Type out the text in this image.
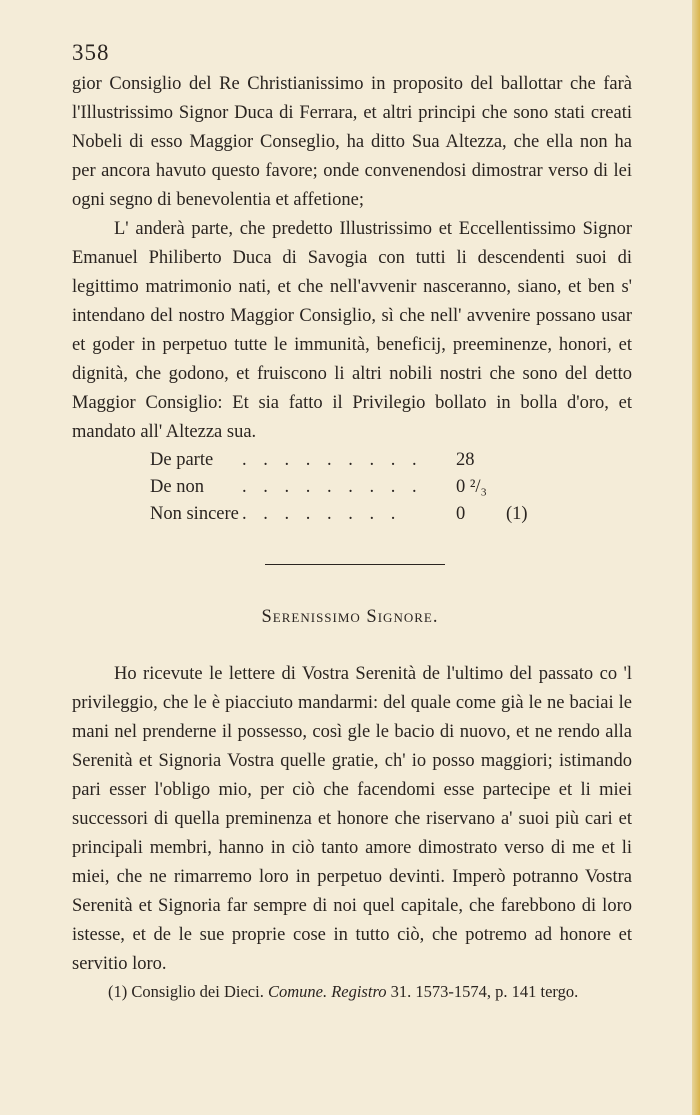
358
gior Consiglio del Re Christianissimo in proposito del ballottar che farà l'Illustrissimo Signor Duca di Ferrara, et altri principi che sono stati creati Nobeli di esso Maggior Conseglio, ha ditto Sua Altezza, che ella non ha per ancora havuto questo favore; onde convenendosi dimostrar verso di lei ogni segno di benevolentia et affetione;
L' anderà parte, che predetto Illustrissimo et Eccellentissimo Signor Emanuel Philiberto Duca di Savogia con tutti li descendenti suoi di legittimo matrimonio nati, et che nell'avvenir nasceranno, siano, et ben s' intendano del nostro Maggior Consiglio, sì che nell' avvenire possano usar et goder in perpetuo tutte le immunità, beneficij, preeminenze, honori, et dignità, che godono, et fruiscono li altri nobili nostri che sono del detto Maggior Consiglio: Et sia fatto il Privilegio bollato in bolla d'oro, et mandato all' Altezza sua.
De parte . . . . . . . . . 28
De non . . . . . . . . . 0 ²/₃
Non sincere . . . . . . . .	0 (1)
Serenissimo Signore.
Ho ricevute le lettere di Vostra Serenità de l'ultimo del passato co 'l privileggio, che le è piacciuto mandarmi: del quale come già le ne baciai le mani nel prenderne il possesso, così gle le bacio di nuovo, et ne rendo alla Serenità et Signoria Vostra quelle gratie, ch' io posso maggiori; istimando pari esser l'obligo mio, per ciò che facendomi esse partecipe et li miei successori di quella preminenza et honore che riservano a' suoi più cari et principali membri, hanno in ciò tanto amore dimostrato verso di me et li miei, che ne rimarremo loro in perpetuo devinti. Imperò potranno Vostra Serenità et Signoria far sempre di noi quel capitale, che farebbono di loro istesse, et de le sue proprie cose in tutto ciò, che potremo ad honore et servitio loro.
(1) Consiglio dei Dieci. Comune. Registro 31. 1573-1574, p. 141 tergo.
